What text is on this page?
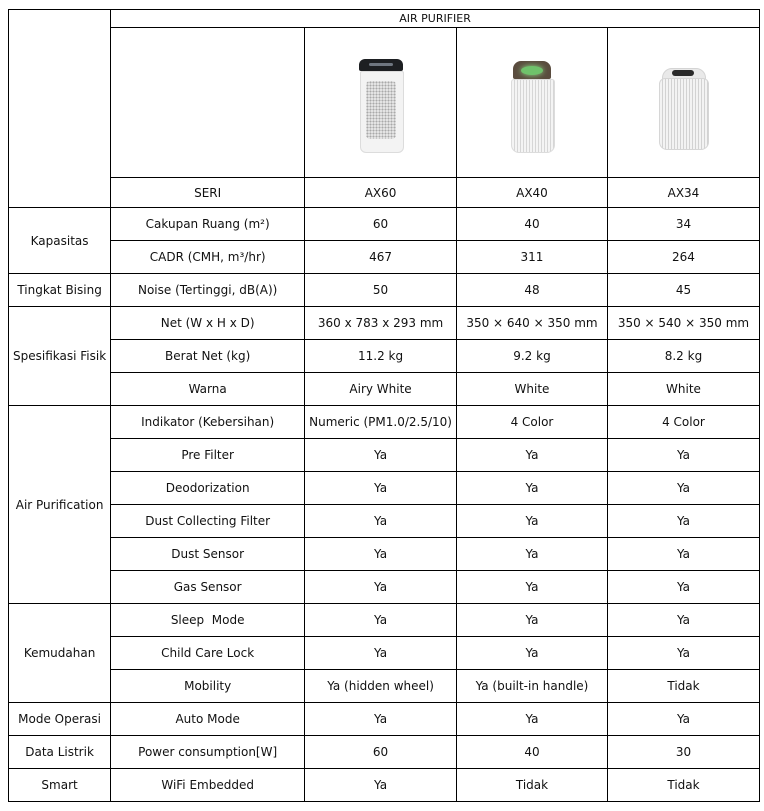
	AIR PURIFIER			

	SERI	AX60	AX40	AX34
Kapasitas	Cakupan Ruang (m²)	60	40	34
	CADR (CMH, m³/hr)	467	311	264
Tingkat Bising	Noise (Tertinggi, dB(A))	50	48	45
Spesifikasi Fisik	Net (W x H x D)	360 x 783 x 293 mm	350 × 640 × 350 mm	350 × 540 × 350 mm
	Berat Net (kg)	11.2 kg	9.2 kg	8.2 kg
	Warna	Airy White	White	White
Air Purification	Indikator (Kebersihan)	Numeric (PM1.0/2.5/10)	4 Color	4 Color
	Pre Filter	Ya	Ya	Ya
	Deodorization	Ya	Ya	Ya
	Dust Collecting Filter	Ya	Ya	Ya
	Dust Sensor	Ya	Ya	Ya
	Gas Sensor	Ya	Ya	Ya
Kemudahan	Sleep  Mode	Ya	Ya	Ya
	Child Care Lock	Ya	Ya	Ya
	Mobility	Ya (hidden wheel)	Ya (built-in handle)	Tidak
Mode Operasi	Auto Mode	Ya	Ya	Ya
Data Listrik	Power consumption[W]	60	40	30
Smart	WiFi Embedded	Ya	Tidak	Tidak
